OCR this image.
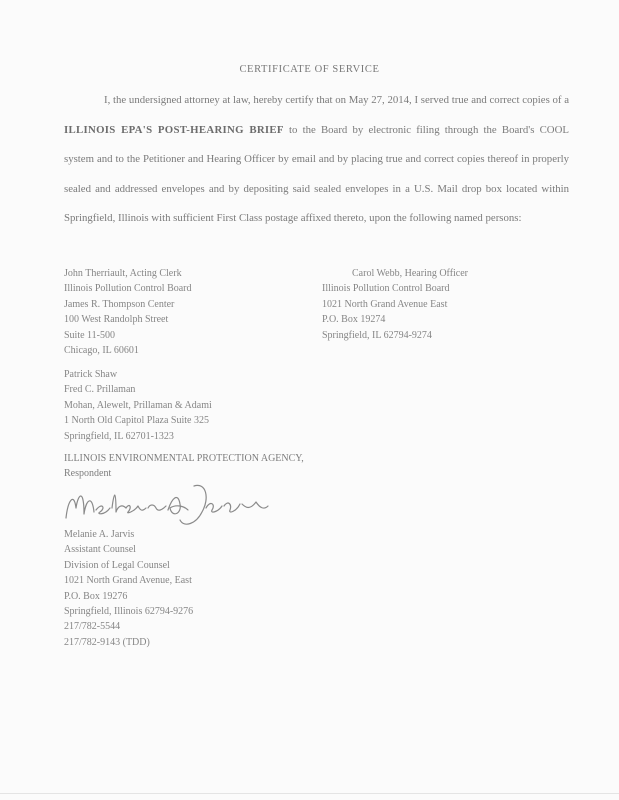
CERTIFICATE OF SERVICE
I, the undersigned attorney at law, hereby certify that on May 27, 2014, I served true and correct copies of a ILLINOIS EPA'S POST-HEARING BRIEF to the Board by electronic filing through the Board's COOL system and to the Petitioner and Hearing Officer by email and by placing true and correct copies thereof in properly sealed and addressed envelopes and by depositing said sealed envelopes in a U.S. Mail drop box located within Springfield, Illinois with sufficient First Class postage affixed thereto, upon the following named persons:
John Therriault, Acting Clerk
Illinois Pollution Control Board
James R. Thompson Center
100 West Randolph Street
Suite 11-500
Chicago, IL 60601
Carol Webb, Hearing Officer
Illinois Pollution Control Board
1021 North Grand Avenue East
P.O. Box 19274
Springfield, IL 62794-9274
Patrick Shaw
Fred C. Prillaman
Mohan, Alewelt, Prillaman & Adami
1 North Old Capitol Plaza Suite 325
Springfield, IL 62701-1323
ILLINOIS ENVIRONMENTAL PROTECTION AGENCY,
Respondent
Melanie A. Jarvis
Assistant Counsel
Division of Legal Counsel
1021 North Grand Avenue, East
P.O. Box 19276
Springfield, Illinois 62794-9276
217/782-5544
217/782-9143 (TDD)
